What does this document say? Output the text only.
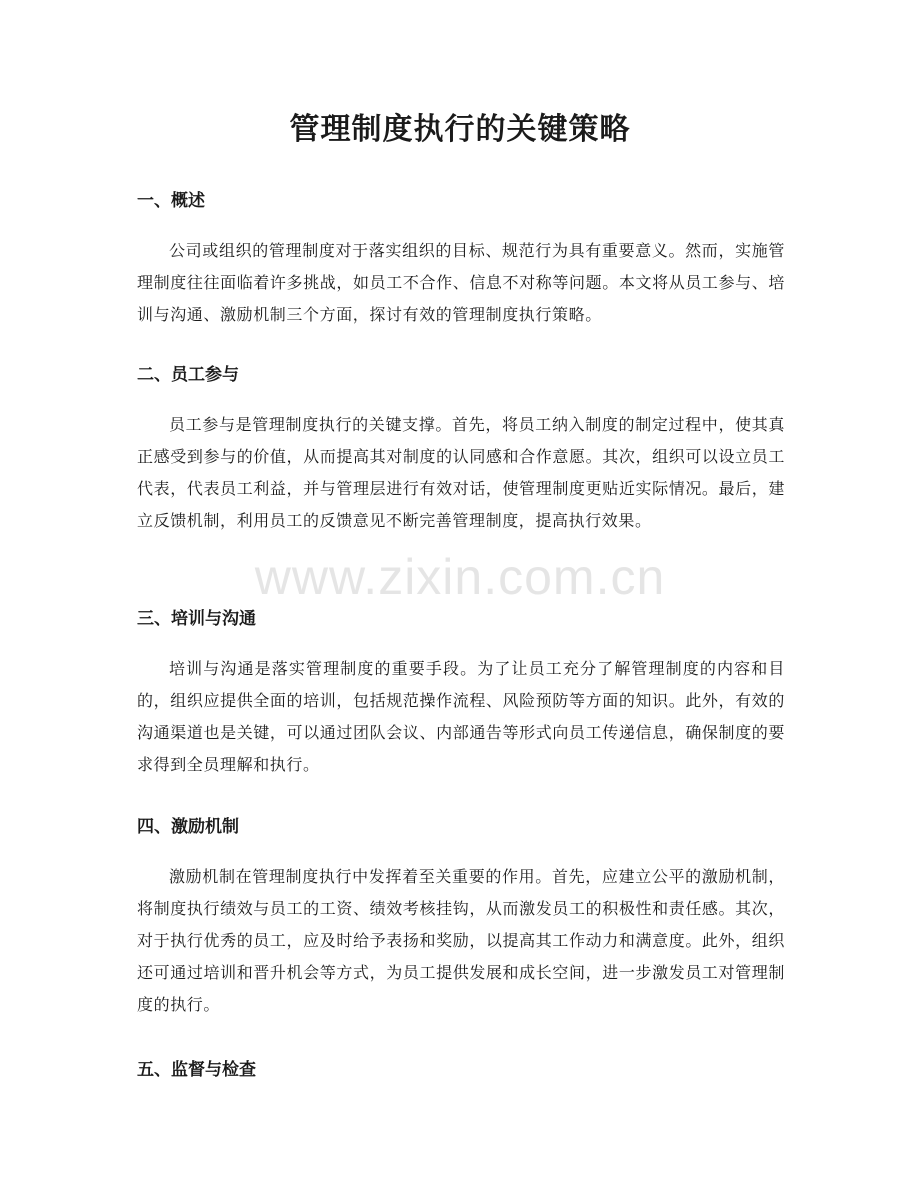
管理制度执行的关键策略
一、概述

公司或组织的管理制度对于落实组织的目标、规范行为具有重要意义。然而，实施管理制度往往面临着许多挑战，如员工不合作、信息不对称等问题。本文将从员工参与、培训与沟通、激励机制三个方面，探讨有效的管理制度执行策略。

二、员工参与

员工参与是管理制度执行的关键支撑。首先，将员工纳入制度的制定过程中，使其真正感受到参与的价值，从而提高其对制度的认同感和合作意愿。其次，组织可以设立员工代表，代表员工利益，并与管理层进行有效对话，使管理制度更贴近实际情况。最后，建立反馈机制，利用员工的反馈意见不断完善管理制度，提高执行效果。

三、培训与沟通

培训与沟通是落实管理制度的重要手段。为了让员工充分了解管理制度的内容和目的，组织应提供全面的培训，包括规范操作流程、风险预防等方面的知识。此外，有效的沟通渠道也是关键，可以通过团队会议、内部通告等形式向员工传递信息，确保制度的要求得到全员理解和执行。

四、激励机制

激励机制在管理制度执行中发挥着至关重要的作用。首先，应建立公平的激励机制，将制度执行绩效与员工的工资、绩效考核挂钩，从而激发员工的积极性和责任感。其次，对于执行优秀的员工，应及时给予表扬和奖励，以提高其工作动力和满意度。此外，组织还可通过培训和晋升机会等方式，为员工提供发展和成长空间，进一步激发员工对管理制度的执行。

五、监督与检查
www.zixin.com.cn
